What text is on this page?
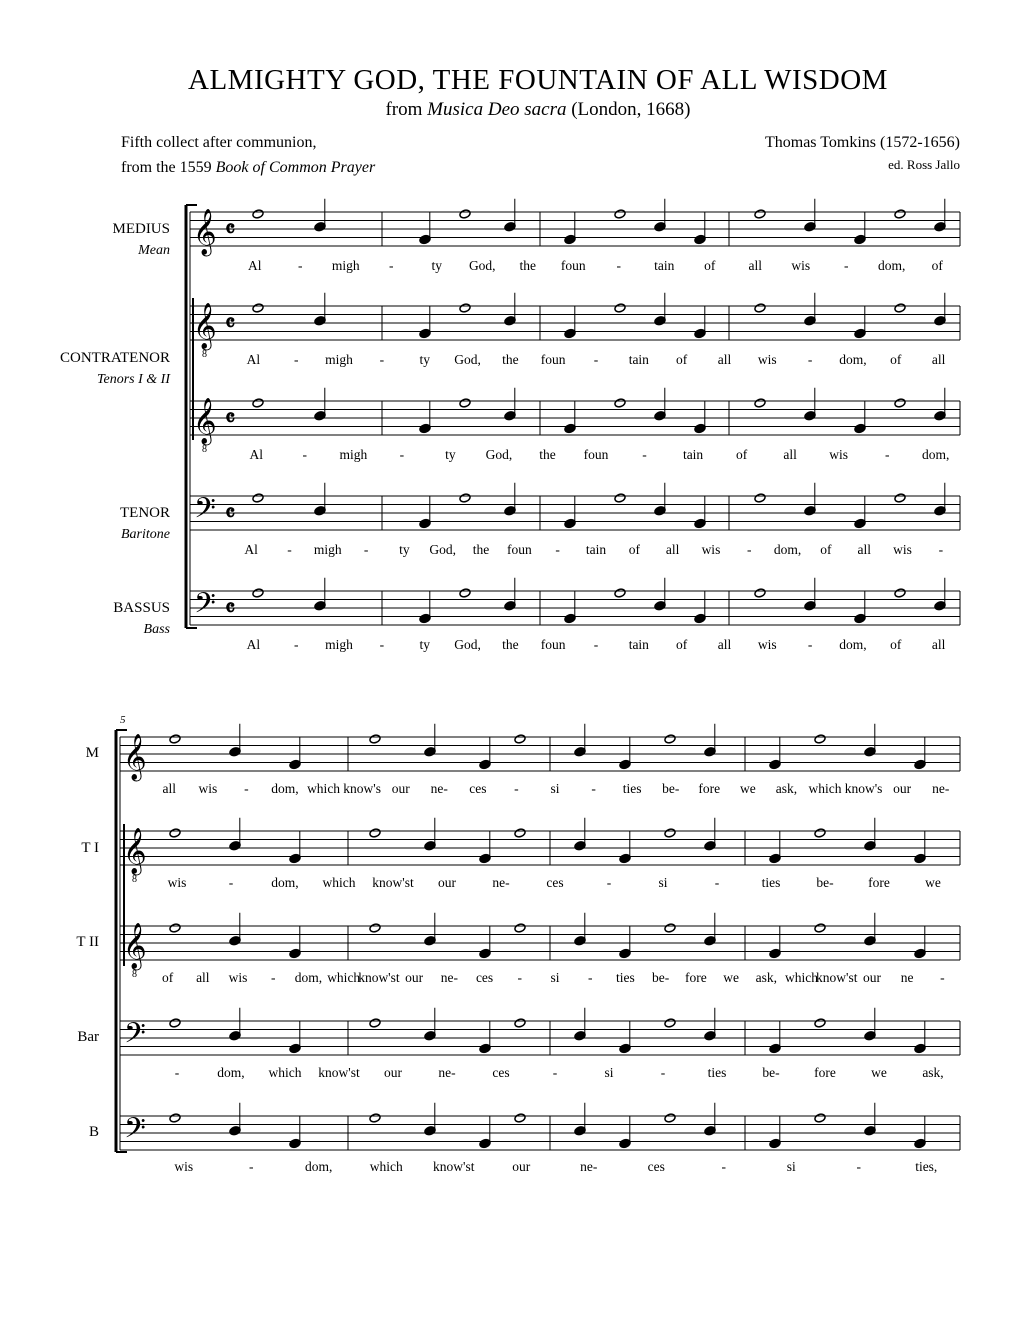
ALMIGHTY GOD, THE FOUNTAIN OF ALL WISDOM
from Musica Deo sacra (London, 1668)
Fifth collect after communion,
from the 1559 Book of Common Prayer
Thomas Tomkins (1572-1656)
ed. Ross Jallo
MEDIUS
Mean
CONTRATENOR
Tenors I & II
TENOR
Baritone
BASSUS
Bass
M
T I
T II
Bar
B
𝄞 𝄴
𝄞
8
𝄴
𝄞
8
𝄴
𝄢 𝄴
𝄢 𝄴
Al	- migh -	ty God, the foun - tain of all wis	- dom, of
Al	- migh -	ty God, the foun - tain of all wis - dom, of all
Al	- migh -	ty God, the foun	-	tain of	all wis	- dom,
Al - migh - ty God, the foun - tain of all wis - dom, of all wis -
Al	- migh -	ty God, the foun - tain of all wis - dom, of all
𝄞
𝄞
8
𝄞
8
𝄢
𝄢
all wis - dom, which know's our ne- ces - si - ties be- fore we ask, which know's our ne-
wis	-	dom, which know'st our	ne-	ces	-	si	-	ties	be-	fore	we
of all wis - dom, which
know'st our ne- ces - si - ties be- fore we ask, which
know'st our ne -
-	dom, which know'st our	ne-	ces	-	si	-	ties	be-	fore	we	ask,
wis	-	dom,	which know'st	our	ne-	ces	-	si	-	ties,
5
